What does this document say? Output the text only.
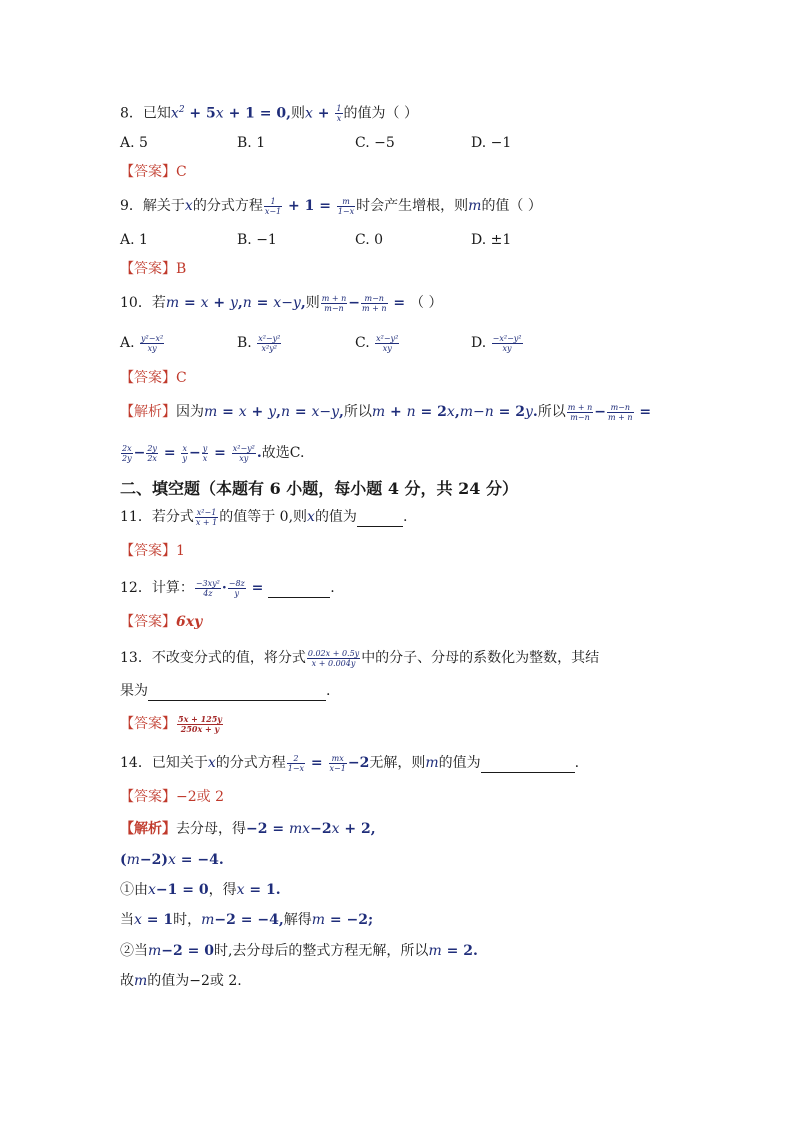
8．已知$x^2 + 5x + 1 = 0$,则$x + \frac{1}{x}$ 的值为（ ）
A. 5	B. 1	C. −5	D. −1
【答案】C
9．解关于x的分式方程 $\frac{1}{x-1} + 1 = \frac{m}{1-x}$ 时会产生增根，则m的值（ ）
A. 1	B. −1	C. 0	D. ±1
【答案】B
10．若m = x + y,n = x−y,则 $\frac{m + n}{m-n} - \frac{m-n}{m + n}$ = （ ）
A. $\frac{\text{y²−x²}}{xy}$	B. $\frac{\text{x²−y²}}{\text{x²y²}}$	C. $\frac{\text{x²−y²}}{xy}$	D. $\frac{\text{−x²−y²}}{xy}$
【答案】C
【解析】因为m = x + y,n = x−y,所以m + n = 2x,m−n = 2y.所以 $\frac{m + n}{m-n} - \frac{m-n}{m + n}$ =
$\frac{2x}{2y} - \frac{2y}{2x} = \frac{x}{y} - \frac{y}{x} = \frac{\text{x²−y²}}{xy}$ .故选C.
二、填空题（本题有 6 小题，每小题 4 分，共 24 分）
11．若分式 $\frac{\text{x²−1}}{x + 1}$ 的值等于 0,则x的值为	.
【答案】1
12．计算： $\frac{\text{−3xy²}}{4z} \cdot \frac{-8z}{y}$ =	.
【答案】6xy
13．不改变分式的值，将分式 $\frac{0.02x + 0.5y}{x + 0.004y}$ 中的分子、分母的系数化为整数，其结
果为	.
【答案】 $\frac{5x + 125y}{250x + y}$
14．已知关于x的分式方程 $\frac{2}{1-x} = \frac{mx}{x-1} -2$无解，则m的值为	.
【答案】−2或 2
【解析】去分母，得−2 = mx−2x + 2,
(m−2)x = −4.
①由x−1 = 0，得x = 1.
当x = 1时，m−2 = −4,解得m = −2;
②当m−2 = 0时,去分母后的整式方程无解，所以m = 2.
故m的值为−2或 2.
